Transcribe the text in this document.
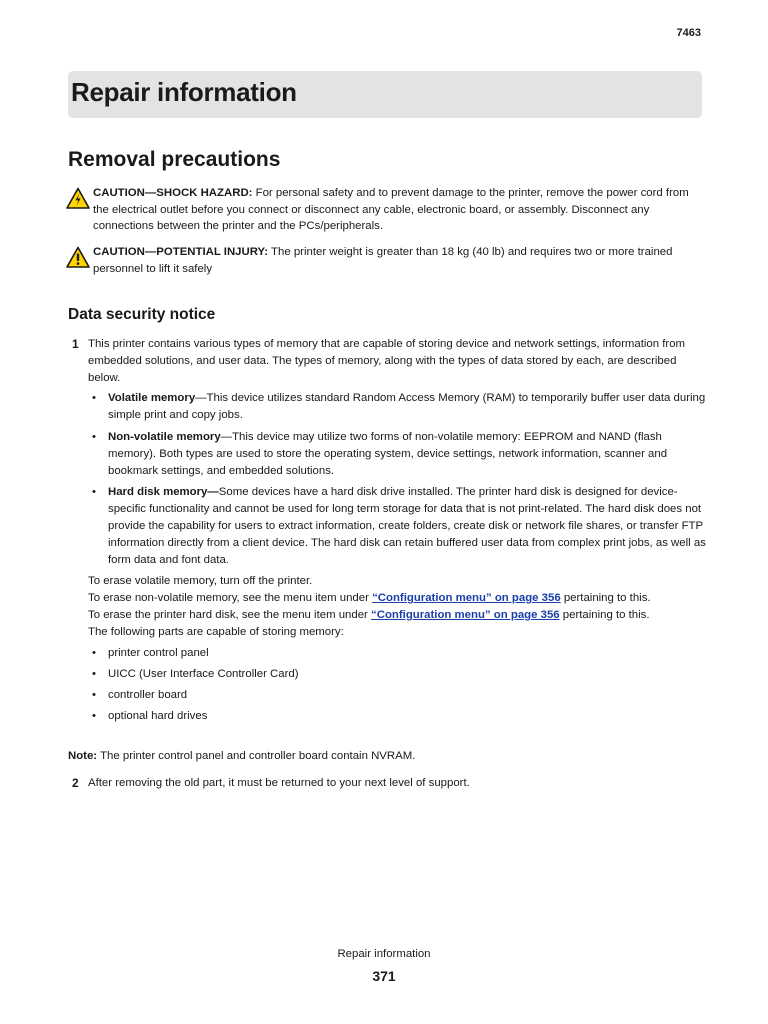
7463
Repair information
Removal precautions

CAUTION—SHOCK HAZARD: For personal safety and to prevent damage to the printer, remove the power cord from the electrical outlet before you connect or disconnect any cable, electronic board, or assembly. Disconnect any connections between the printer and the PCs/peripherals.

CAUTION—POTENTIAL INJURY: The printer weight is greater than 18 kg (40 lb) and requires two or more trained personnel to lift it safely

Data security notice
1 This printer contains various types of memory that are capable of storing device and network settings, information from embedded solutions, and user data. The types of memory, along with the types of data stored by each, are described below.

• Volatile memory—This device utilizes standard Random Access Memory (RAM) to temporarily buffer user data during simple print and copy jobs.
• Non-volatile memory—This device may utilize two forms of non-volatile memory: EEPROM and NAND (flash memory). Both types are used to store the operating system, device settings, network information, scanner and bookmark settings, and embedded solutions.
• Hard disk memory—Some devices have a hard disk drive installed. The printer hard disk is designed for device-specific functionality and cannot be used for long term storage for data that is not print-related. The hard disk does not provide the capability for users to extract information, create folders, create disk or network file shares, or transfer FTP information directly from a client device. The hard disk can retain buffered user data from complex print jobs, as well as form data and font data.

To erase volatile memory, turn off the printer.

To erase non-volatile memory, see the menu item under “Configuration menu” on page 356 pertaining to this.

To erase the printer hard disk, see the menu item under “Configuration menu” on page 356 pertaining to this.

The following parts are capable of storing memory:

• printer control panel
• UICC (User Interface Controller Card)
• controller board
• optional hard drives
Note: The printer control panel and controller board contain NVRAM.
2 After removing the old part, it must be returned to your next level of support.

Repair information
371
